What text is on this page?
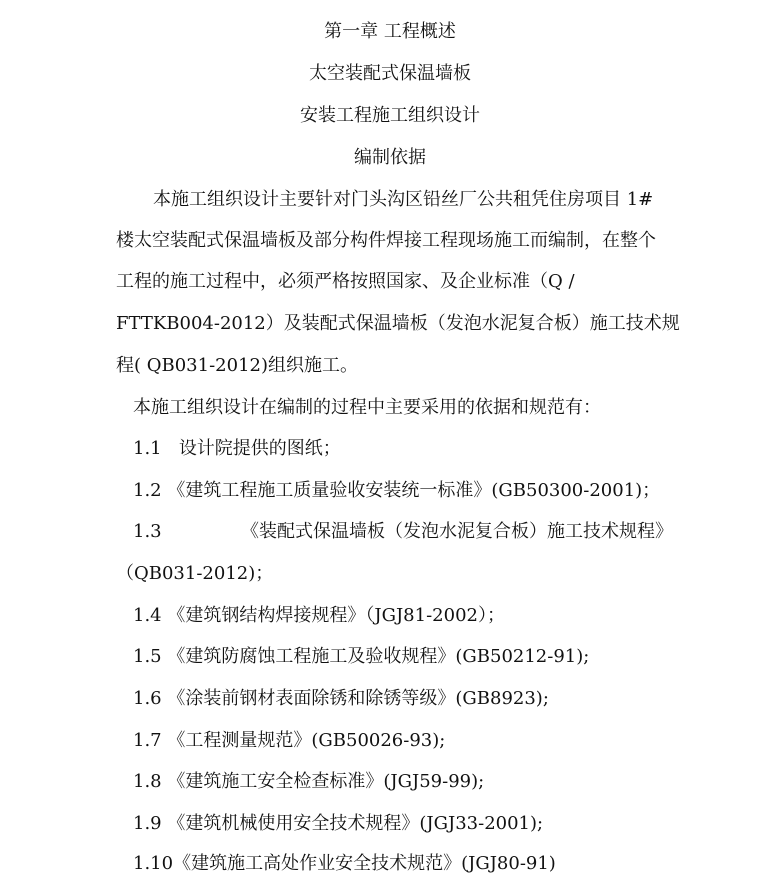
第一章 工程概述
太空装配式保温墙板
安装工程施工组织设计
编制依据
本施工组织设计主要针对门头沟区铅丝厂公共租凭住房项目 1#
楼太空装配式保温墙板及部分构件焊接工程现场施工而编制，在整个
工程的施工过程中，必须严格按照国家、及企业标准（Q /
FTTKB004-2012）及装配式保温墙板（发泡水泥复合板）施工技术规
程( QB031-2012)组织施工。
本施工组织设计在编制的过程中主要采用的依据和规范有：
1.1 设计院提供的图纸；
1.2 《建筑工程施工质量验收安装统一标准》(GB50300-2001)；
1.3	《装配式保温墙板（发泡水泥复合板）施工技术规程》
（QB031-2012)；
1.4 《建筑钢结构焊接规程》（JGJ81-2002）；
1.5 《建筑防腐蚀工程施工及验收规程》(GB50212-91);
1.6 《涂装前钢材表面除锈和除锈等级》(GB8923);
1.7 《工程测量规范》(GB50026-93);
1.8 《建筑施工安全检查标准》(JGJ59-99);
1.9 《建筑机械使用安全技术规程》(JGJ33-2001);
1.10《建筑施工高处作业安全技术规范》(JGJ80-91)
